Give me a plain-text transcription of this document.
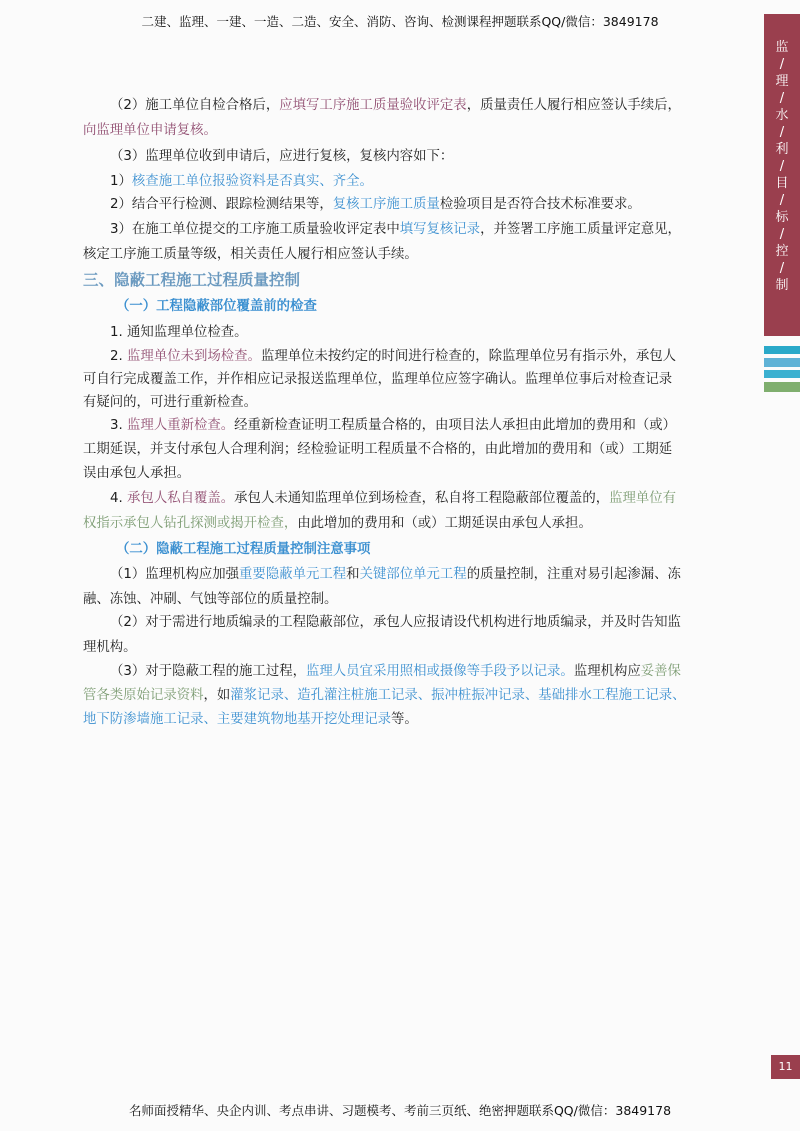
二建、监理、一建、一造、二造、安全、消防、咨询、检测课程押题联系QQ/微信：3849178
监
/
理
/
水
/
利
/
目
/
标
/
控
/
制
（2）施工单位自检合格后，应填写工序施工质量验收评定表，质量责任人履行相应签认手续后，
向监理单位申请复核。
（3）监理单位收到申请后，应进行复核，复核内容如下：
1）核查施工单位报验资料是否真实、齐全。
2）结合平行检测、跟踪检测结果等，复核工序施工质量检验项目是否符合技术标准要求。
3）在施工单位提交的工序施工质量验收评定表中填写复核记录，并签署工序施工质量评定意见，
核定工序施工质量等级，相关责任人履行相应签认手续。
三、隐蔽工程施工过程质量控制
（一）工程隐蔽部位覆盖前的检查
1. 通知监理单位检查。
2. 监理单位未到场检查。监理单位未按约定的时间进行检查的，除监理单位另有指示外，承包人
可自行完成覆盖工作，并作相应记录报送监理单位，监理单位应签字确认。监理单位事后对检查记录
有疑问的，可进行重新检查。
3. 监理人重新检查。经重新检查证明工程质量合格的，由项目法人承担由此增加的费用和（或）
工期延误，并支付承包人合理利润；经检验证明工程质量不合格的，由此增加的费用和（或）工期延
误由承包人承担。
4. 承包人私自覆盖。承包人未通知监理单位到场检查，私自将工程隐蔽部位覆盖的，监理单位有
权指示承包人钻孔探测或揭开检查，由此增加的费用和（或）工期延误由承包人承担。
（二）隐蔽工程施工过程质量控制注意事项
（1）监理机构应加强重要隐蔽单元工程和关键部位单元工程的质量控制，注重对易引起渗漏、冻
融、冻蚀、冲刷、气蚀等部位的质量控制。
（2）对于需进行地质编录的工程隐蔽部位，承包人应报请设代机构进行地质编录，并及时告知监
理机构。
（3）对于隐蔽工程的施工过程，监理人员宜采用照相或摄像等手段予以记录。监理机构应妥善保
管各类原始记录资料，如灌浆记录、造孔灌注桩施工记录、振冲桩振冲记录、基础排水工程施工记录、
地下防渗墙施工记录、主要建筑物地基开挖处理记录等。
11
名师面授精华、央企内训、考点串讲、习题模考、考前三页纸、绝密押题联系QQ/微信：3849178
